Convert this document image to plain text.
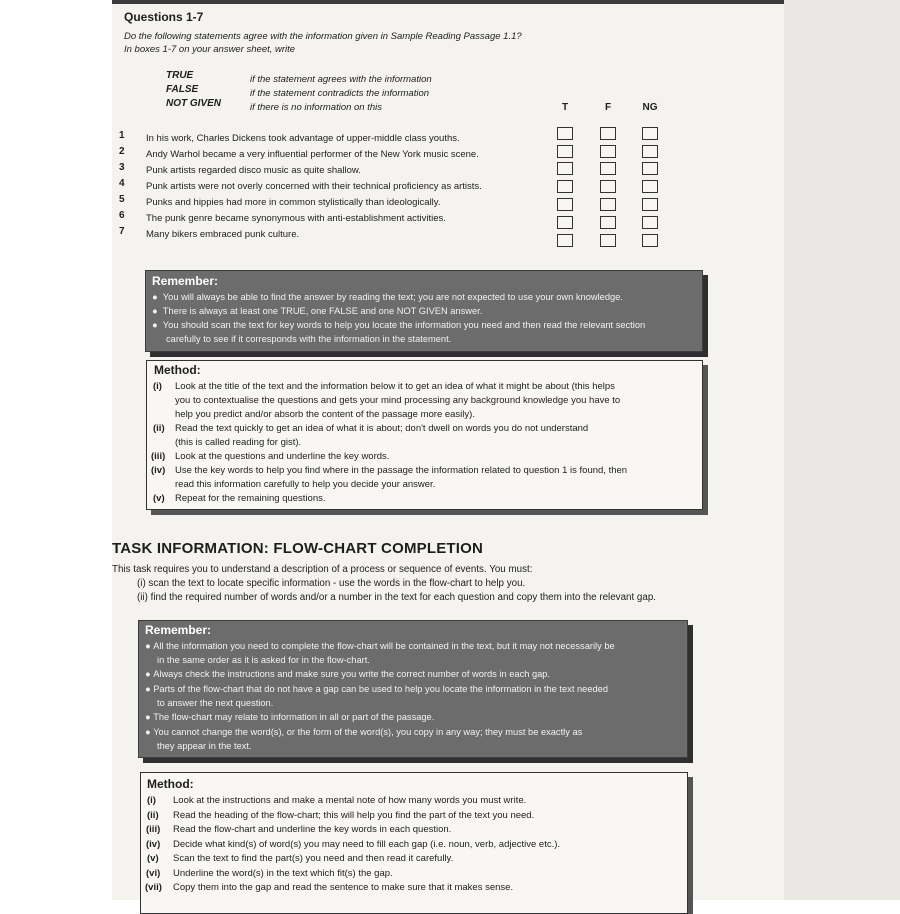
Questions 1-7
Do the following statements agree with the information given in Sample Reading Passage 1.1?
In boxes 1-7 on your answer sheet, write
TRUE	if the statement agrees with the information
FALSE	if the statement contradicts the information
NOT GIVEN	if there is no information on this	T	F	NG
1 In his work, Charles Dickens took advantage of upper-middle class youths.
2 Andy Warhol became a very influential performer of the New York music scene.
3 Punk artists regarded disco music as quite shallow.
4 Punk artists were not overly concerned with their technical proficiency as artists.
5 Punks and hippies had more in common stylistically than ideologically.
6 The punk genre became synonymous with anti-establishment activities.
7 Many bikers embraced punk culture.
Remember:
●  You will always be able to find the answer by reading the text; you are not expected to use your own knowledge.
●  There is always at least one TRUE, one FALSE and one NOT GIVEN answer.
●  You should scan the text for key words to help you locate the information you need and then read the relevant section
carefully to see if it corresponds with the information in the statement.
Method:
(i) Look at the title of the text and the information below it to get an idea of what it might be about (this helps
you to contextualise the questions and gets your mind processing any background knowledge you have to
help you predict and/or absorb the content of the passage more easily).
(ii) Read the text quickly to get an idea of what it is about; don't dwell on words you do not understand
(this is called reading for gist).
(iii) Look at the questions and underline the key words.
(iv) Use the key words to help you find where in the passage the information related to question 1 is found, then
read this information carefully to help you decide your answer.
(v) Repeat for the remaining questions.
TASK INFORMATION: FLOW-CHART COMPLETION
This task requires you to understand a description of a process or sequence of events. You must:
(i) scan the text to locate specific information - use the words in the flow-chart to help you.
(ii) find the required number of words and/or a number in the text for each question and copy them into the relevant gap.
Remember:
● All the information you need to complete the flow-chart will be contained in the text, but it may not necessarily be
in the same order as it is asked for in the flow-chart.
● Always check the instructions and make sure you write the correct number of words in each gap.
● Parts of the flow-chart that do not have a gap can be used to help you locate the information in the text needed
to answer the next question.
● The flow-chart may relate to information in all or part of the passage.
● You cannot change the word(s), or the form of the word(s), you copy in any way; they must be exactly as
they appear in the text.
Method:
(i) Look at the instructions and make a mental note of how many words you must write.
(ii) Read the heading of the flow-chart; this will help you find the part of the text you need.
(iii) Read the flow-chart and underline the key words in each question.
(iv) Decide what kind(s) of word(s) you may need to fill each gap (i.e. noun, verb, adjective etc.).
(v) Scan the text to find the part(s) you need and then read it carefully.
(vi) Underline the word(s) in the text which fit(s) the gap.
(vii) Copy them into the gap and read the sentence to make sure that it makes sense.
